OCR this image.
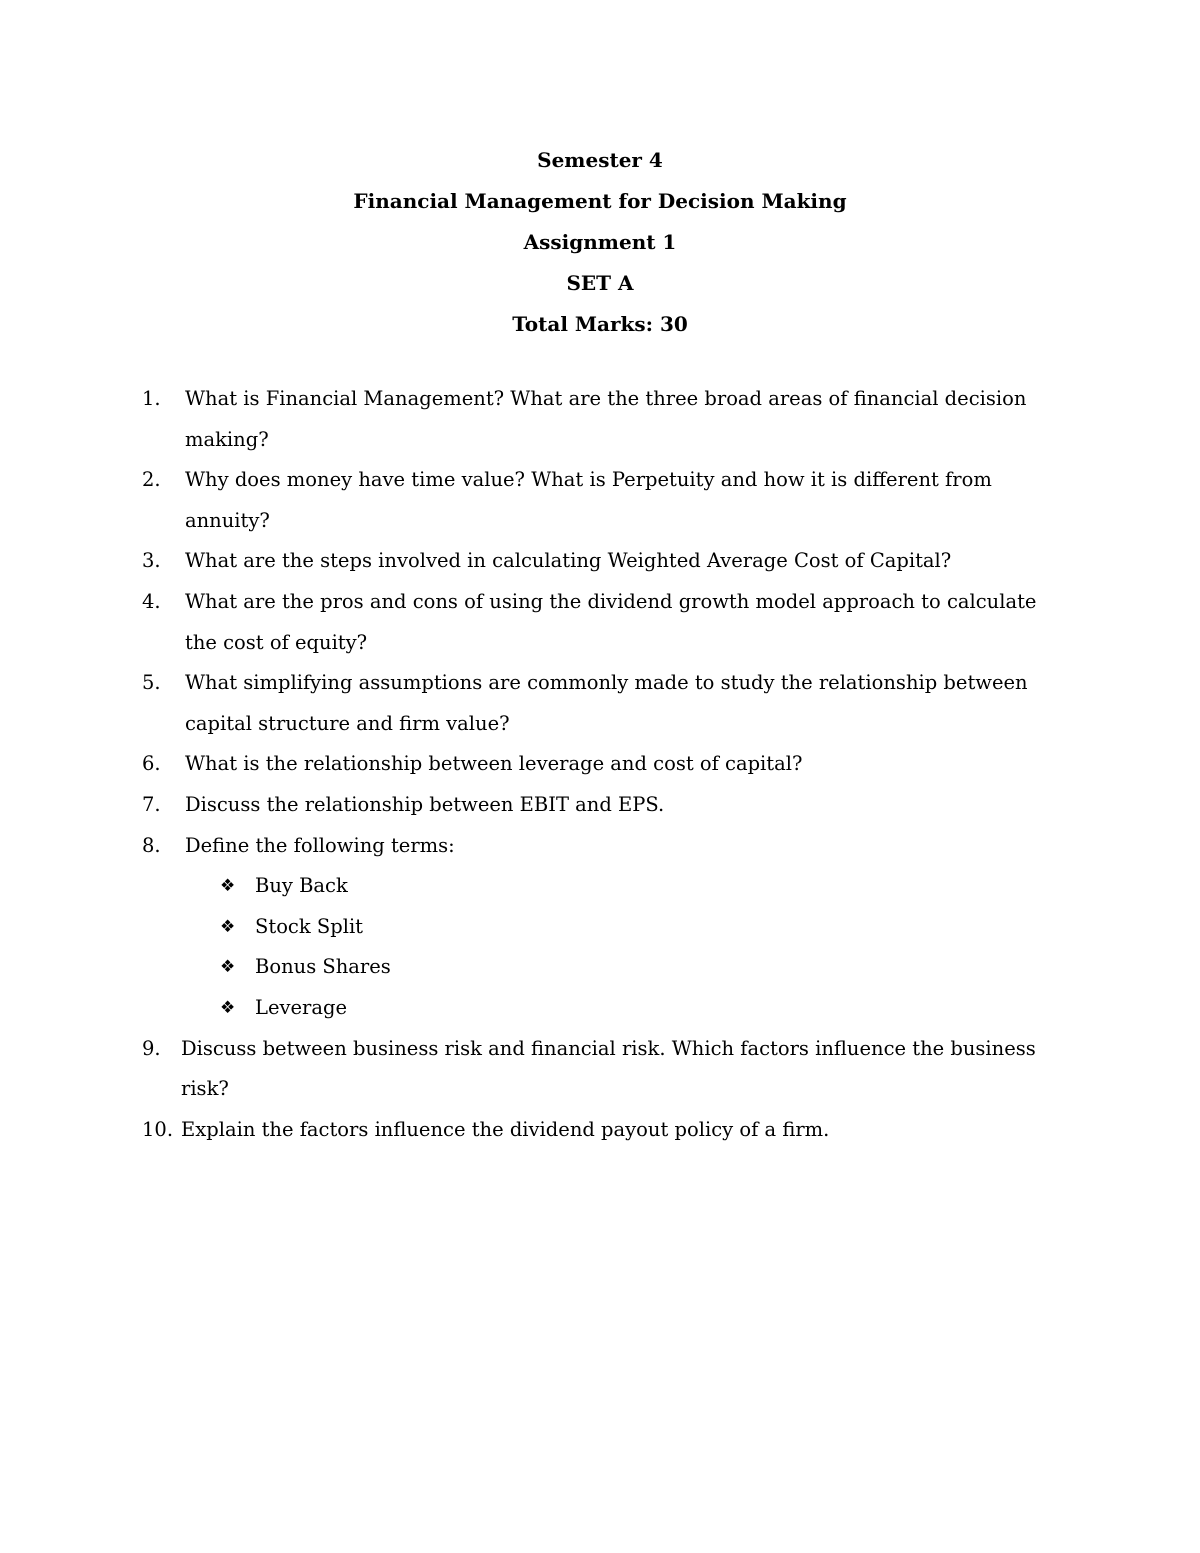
Semester 4
Financial Management for Decision Making
Assignment 1
SET A
Total Marks: 30
1. What is Financial Management? What are the three broad areas of financial decision making?
2. Why does money have time value? What is Perpetuity and how it is different from annuity?
3. What are the steps involved in calculating Weighted Average Cost of Capital?
4. What are the pros and cons of using the dividend growth model approach to calculate the cost of equity?
5. What simplifying assumptions are commonly made to study the relationship between capital structure and firm value?
6. What is the relationship between leverage and cost of capital?
7. Discuss the relationship between EBIT and EPS.
8. Define the following terms:
❖ Buy Back
❖ Stock Split
❖ Bonus Shares
❖ Leverage
9. Discuss between business risk and financial risk. Which factors influence the business risk?
10. Explain the factors influence the dividend payout policy of a firm.
